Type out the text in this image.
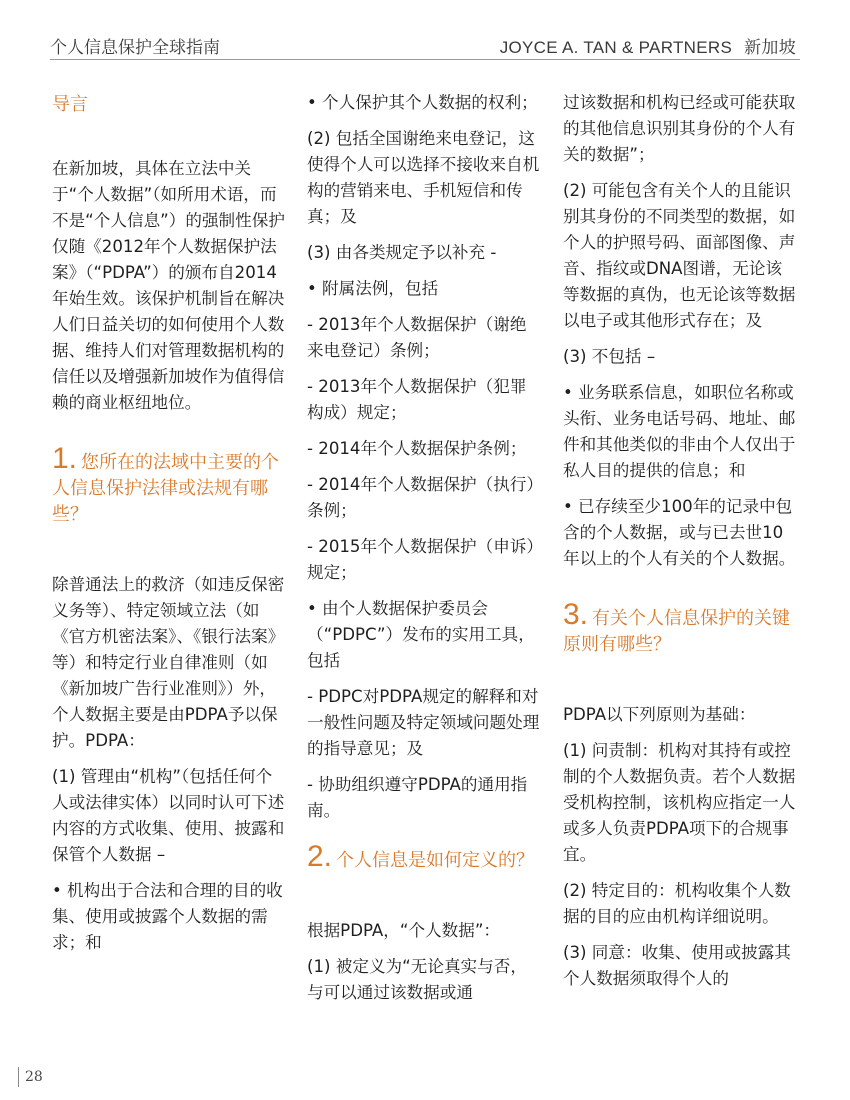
个人信息保护全球指南	JOYCE A. TAN & PARTNERS 新加坡
导言

在新加坡，具体在立法中关于“个人数据”（如所用术语，而不是“个人信息”）的强制性保护仅随《2012年个人数据保护法案》（“PDPA”）的颁布自2014年始生效。该保护机制旨在解决人们日益关切的如何使用个人数据、维持人们对管理数据机构的信任以及增强新加坡作为值得信赖的商业枢纽地位。

1. 您所在的法域中主要的个人信息保护法律或法规有哪些？

除普通法上的救济（如违反保密义务等）、特定领域立法（如《官方机密法案》、《银行法案》等）和特定行业自律准则（如《新加坡广告行业准则》）外，个人数据主要是由PDPA予以保护。PDPA：

(1) 管理由“机构”（包括任何个人或法律实体）以同时认可下述内容的方式收集、使用、披露和保管个人数据 –

• 机构出于合法和合理的目的收集、使用或披露个人数据的需求；和

• 个人保护其个人数据的权利；

(2) 包括全国谢绝来电登记，这使得个人可以选择不接收来自机构的营销来电、手机短信和传真；及

(3) 由各类规定予以补充 -

• 附属法例，包括

- 2013年个人数据保护（谢绝来电登记）条例；

- 2013年个人数据保护（犯罪构成）规定；

- 2014年个人数据保护条例；

- 2014年个人数据保护（执行）条例；

- 2015年个人数据保护（申诉）规定；

• 由个人数据保护委员会（“PDPC”）发布的实用工具，包括

- PDPC对PDPA规定的解释和对一般性问题及特定领域问题处理的指导意见；及

- 协助组织遵守PDPA的通用指南。

2. 个人信息是如何定义的？

根据PDPA，“个人数据”：

(1) 被定义为“无论真实与否，与可以通过该数据或通

过该数据和机构已经或可能获取的其他信息识别其身份的个人有关的数据”；

(2) 可能包含有关个人的且能识别其身份的不同类型的数据，如个人的护照号码、面部图像、声音、指纹或DNA图谱，无论该等数据的真伪，也无论该等数据以电子或其他形式存在；及

(3) 不包括 –

• 业务联系信息，如职位名称或头衔、业务电话号码、地址、邮件和其他类似的非由个人仅出于私人目的提供的信息；和

• 已存续至少100年的记录中包含的个人数据，或与已去世10年以上的个人有关的个人数据。

3. 有关个人信息保护的关键原则有哪些？

PDPA以下列原则为基础：

(1) 问责制：机构对其持有或控制的个人数据负责。若个人数据受机构控制，该机构应指定一人或多人负责PDPA项下的合规事宜。

(2) 特定目的：机构收集个人数据的目的应由机构详细说明。

(3) 同意：收集、使用或披露其个人数据须取得个人的

28
